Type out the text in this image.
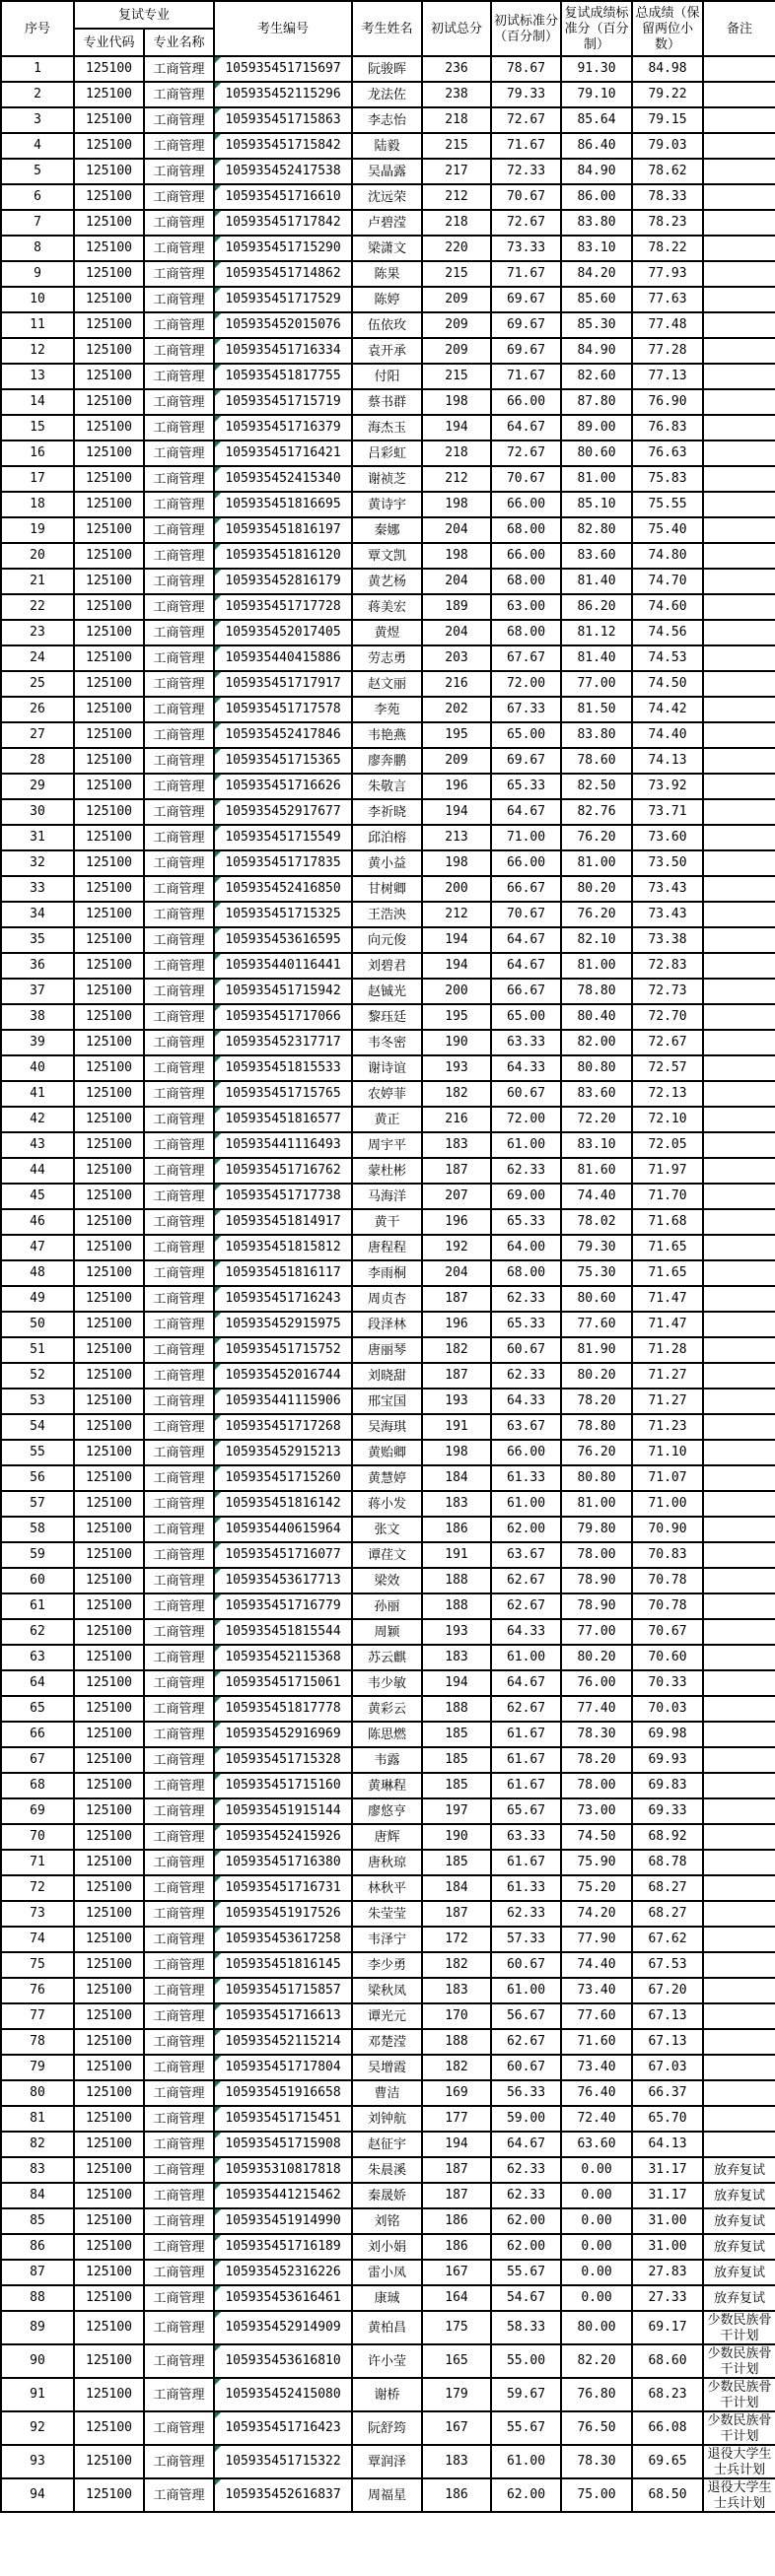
序号	复试专业		考生编号	考生姓名	初试总分	初试标准分（百分制）	复试成绩标准分（百分制）	总成绩（保留两位小数）	备注
	专业代码	专业名称							
1	125100	工商管理	105935451715697	阮骏晖	236	78.67	91.30	84.98	
2	125100	工商管理	105935452115296	龙法佐	238	79.33	79.10	79.22	
3	125100	工商管理	105935451715863	李志怡	218	72.67	85.64	79.15	
4	125100	工商管理	105935451715842	陆毅	215	71.67	86.40	79.03	
5	125100	工商管理	105935452417538	吴晶露	217	72.33	84.90	78.62	
6	125100	工商管理	105935451716610	沈远荣	212	70.67	86.00	78.33	
7	125100	工商管理	105935451717842	卢碧滢	218	72.67	83.80	78.23	
8	125100	工商管理	105935451715290	梁潇文	220	73.33	83.10	78.22	
9	125100	工商管理	105935451714862	陈果	215	71.67	84.20	77.93	
10	125100	工商管理	105935451717529	陈婷	209	69.67	85.60	77.63	
11	125100	工商管理	105935452015076	伍依玫	209	69.67	85.30	77.48	
12	125100	工商管理	105935451716334	袁开承	209	69.67	84.90	77.28	
13	125100	工商管理	105935451817755	付阳	215	71.67	82.60	77.13	
14	125100	工商管理	105935451715719	蔡书群	198	66.00	87.80	76.90	
15	125100	工商管理	105935451716379	海杰玉	194	64.67	89.00	76.83	
16	125100	工商管理	105935451716421	吕彩虹	218	72.67	80.60	76.63	
17	125100	工商管理	105935452415340	谢祯芝	212	70.67	81.00	75.83	
18	125100	工商管理	105935451816695	黄诗宇	198	66.00	85.10	75.55	
19	125100	工商管理	105935451816197	秦娜	204	68.00	82.80	75.40	
20	125100	工商管理	105935451816120	覃文凯	198	66.00	83.60	74.80	
21	125100	工商管理	105935452816179	黄艺杨	204	68.00	81.40	74.70	
22	125100	工商管理	105935451717728	蒋美宏	189	63.00	86.20	74.60	
23	125100	工商管理	105935452017405	黄煜	204	68.00	81.12	74.56	
24	125100	工商管理	105935440415886	劳志勇	203	67.67	81.40	74.53	
25	125100	工商管理	105935451717917	赵文丽	216	72.00	77.00	74.50	
26	125100	工商管理	105935451717578	李苑	202	67.33	81.50	74.42	
27	125100	工商管理	105935452417846	韦艳燕	195	65.00	83.80	74.40	
28	125100	工商管理	105935451715365	廖奔鹏	209	69.67	78.60	74.13	
29	125100	工商管理	105935451716626	朱敬言	196	65.33	82.50	73.92	
30	125100	工商管理	105935452917677	李祈晓	194	64.67	82.76	73.71	
31	125100	工商管理	105935451715549	邱泊榕	213	71.00	76.20	73.60	
32	125100	工商管理	105935451717835	黄小益	198	66.00	81.00	73.50	
33	125100	工商管理	105935452416850	甘树卿	200	66.67	80.20	73.43	
34	125100	工商管理	105935451715325	王浩泱	212	70.67	76.20	73.43	
35	125100	工商管理	105935453616595	向元俊	194	64.67	82.10	73.38	
36	125100	工商管理	105935440116441	刘碧君	194	64.67	81.00	72.83	
37	125100	工商管理	105935451715942	赵铖光	200	66.67	78.80	72.73	
38	125100	工商管理	105935451717066	黎珏廷	195	65.00	80.40	72.70	
39	125100	工商管理	105935452317717	韦冬密	190	63.33	82.00	72.67	
40	125100	工商管理	105935451815533	谢诗谊	193	64.33	80.80	72.57	
41	125100	工商管理	105935451715765	农婷菲	182	60.67	83.60	72.13	
42	125100	工商管理	105935451816577	黄正	216	72.00	72.20	72.10	
43	125100	工商管理	105935441116493	周宇平	183	61.00	83.10	72.05	
44	125100	工商管理	105935451716762	蒙杜彬	187	62.33	81.60	71.97	
45	125100	工商管理	105935451717738	马海洋	207	69.00	74.40	71.70	
46	125100	工商管理	105935451814917	黄干	196	65.33	78.02	71.68	
47	125100	工商管理	105935451815812	唐程程	192	64.00	79.30	71.65	
48	125100	工商管理	105935451816117	李雨桐	204	68.00	75.30	71.65	
49	125100	工商管理	105935451716243	周贞杏	187	62.33	80.60	71.47	
50	125100	工商管理	105935452915975	段泽林	196	65.33	77.60	71.47	
51	125100	工商管理	105935451715752	唐丽琴	182	60.67	81.90	71.28	
52	125100	工商管理	105935452016744	刘晓甜	187	62.33	80.20	71.27	
53	125100	工商管理	105935441115906	邢宝国	193	64.33	78.20	71.27	
54	125100	工商管理	105935451717268	吴海琪	191	63.67	78.80	71.23	
55	125100	工商管理	105935452915213	黄贻卿	198	66.00	76.20	71.10	
56	125100	工商管理	105935451715260	黄慧婷	184	61.33	80.80	71.07	
57	125100	工商管理	105935451816142	蒋小发	183	61.00	81.00	71.00	
58	125100	工商管理	105935440615964	张文	186	62.00	79.80	70.90	
59	125100	工商管理	105935451716077	谭荏文	191	63.67	78.00	70.83	
60	125100	工商管理	105935453617713	梁效	188	62.67	78.90	70.78	
61	125100	工商管理	105935451716779	孙丽	188	62.67	78.90	70.78	
62	125100	工商管理	105935451815544	周颖	193	64.33	77.00	70.67	
63	125100	工商管理	105935452115368	苏云麒	183	61.00	80.20	70.60	
64	125100	工商管理	105935451715061	韦少敏	194	64.67	76.00	70.33	
65	125100	工商管理	105935451817778	黄彩云	188	62.67	77.40	70.03	
66	125100	工商管理	105935452916969	陈思燃	185	61.67	78.30	69.98	
67	125100	工商管理	105935451715328	韦露	185	61.67	78.20	69.93	
68	125100	工商管理	105935451715160	黄琳程	185	61.67	78.00	69.83	
69	125100	工商管理	105935451915144	廖悠亨	197	65.67	73.00	69.33	
70	125100	工商管理	105935452415926	唐辉	190	63.33	74.50	68.92	
71	125100	工商管理	105935451716380	唐秋琼	185	61.67	75.90	68.78	
72	125100	工商管理	105935451716731	林秋平	184	61.33	75.20	68.27	
73	125100	工商管理	105935451917526	朱莹莹	187	62.33	74.20	68.27	
74	125100	工商管理	105935453617258	韦泽宁	172	57.33	77.90	67.62	
75	125100	工商管理	105935451816145	李少勇	182	60.67	74.40	67.53	
76	125100	工商管理	105935451715857	梁秋凤	183	61.00	73.40	67.20	
77	125100	工商管理	105935451716613	谭光元	170	56.67	77.60	67.13	
78	125100	工商管理	105935452115214	邓楚滢	188	62.67	71.60	67.13	
79	125100	工商管理	105935451717804	吴增霞	182	60.67	73.40	67.03	
80	125100	工商管理	105935451916658	曹洁	169	56.33	76.40	66.37	
81	125100	工商管理	105935451715451	刘钟航	177	59.00	72.40	65.70	
82	125100	工商管理	105935451715908	赵征宇	194	64.67	63.60	64.13	
83	125100	工商管理	105935310817818	朱晨溪	187	62.33	0.00	31.17	放弃复试
84	125100	工商管理	105935441215462	秦晟娇	187	62.33	0.00	31.17	放弃复试
85	125100	工商管理	105935451914990	刘铭	186	62.00	0.00	31.00	放弃复试
86	125100	工商管理	105935451716189	刘小娟	186	62.00	0.00	31.00	放弃复试
87	125100	工商管理	105935452316226	雷小凤	167	55.67	0.00	27.83	放弃复试
88	125100	工商管理	105935453616461	康珹	164	54.67	0.00	27.33	放弃复试
89	125100	工商管理	105935452914909	黄柏昌	175	58.33	80.00	69.17	少数民族骨干计划
90	125100	工商管理	105935453616810	许小莹	165	55.00	82.20	68.60	少数民族骨干计划
91	125100	工商管理	105935452415080	谢桥	179	59.67	76.80	68.23	少数民族骨干计划
92	125100	工商管理	105935451716423	阮舒筠	167	55.67	76.50	66.08	少数民族骨干计划
93	125100	工商管理	105935451715322	覃润泽	183	61.00	78.30	69.65	退役大学生士兵计划
94	125100	工商管理	105935452616837	周福星	186	62.00	75.00	68.50	退役大学生士兵计划
